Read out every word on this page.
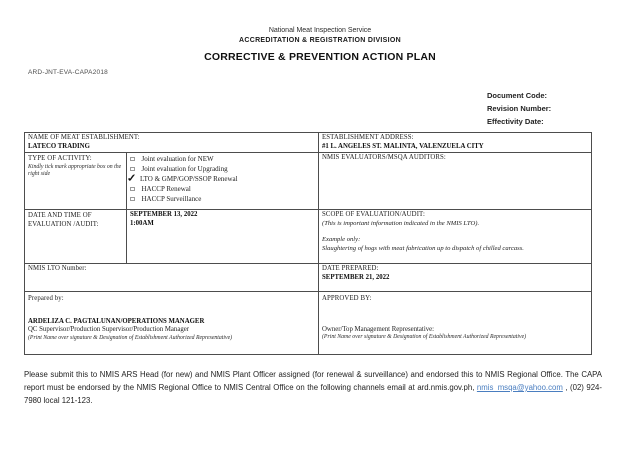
National Meat Inspection Service
ACCREDITATION & REGISTRATION DIVISION
CORRECTIVE & PREVENTION ACTION PLAN
ARD-JNT-EVA-CAPA2018
Document Code:
Revision Number:
Effectivity Date:
NAME OF MEAT ESTABLISHMENT:
LATECO TRADING

ESTABLISHMENT ADDRESS:
#1 L. ANGELES ST. MALINTA, VALENZUELA CITY

TYPE OF ACTIVITY:
Kindly tick mark appropriate box on the right side

Joint evaluation for NEW
Joint evaluation for Upgrading
✓ LTO & GMP/GOP/SSOP Renewal
HACCP Renewal
HACCP Surveillance

NMIS EVALUATORS/MSQA AUDITORS:

DATE AND TIME OF
EVALUATION /AUDIT:

SEPTEMBER 13, 2022
1:00AM

SCOPE OF EVALUATION/AUDIT:
(This is important information indicated in the NMIS LTO).
Example only:
Slaughtering of hogs with meat fabrication up to dispatch of chilled carcass.

NMIS LTO Number:		DATE PREPARED:
SEPTEMBER 21, 2022

Prepared by:
ARDELIZA C. PAGTALUNAN/OPERATIONS MANAGER
QC Supervisor/Production Supervisor/Production Manager
(Print Name over signature & Designation of Establishment Authorized Representative)

APPROVED BY:
Owner/Top Management Representative:
(Print Name over signature & Designation of Establishment Authorized Representative)
Please submit this to NMIS ARS Head (for new) and NMIS Plant Officer assigned (for renewal & surveillance) and endorsed this to NMIS Regional Office. The CAPA report must be endorsed by the NMIS Regional Office to NMIS Central Office on the following channels email at ard.nmis.gov.ph, nmis_msqa@yahoo.com , (02) 924-7980 local 121-123.
